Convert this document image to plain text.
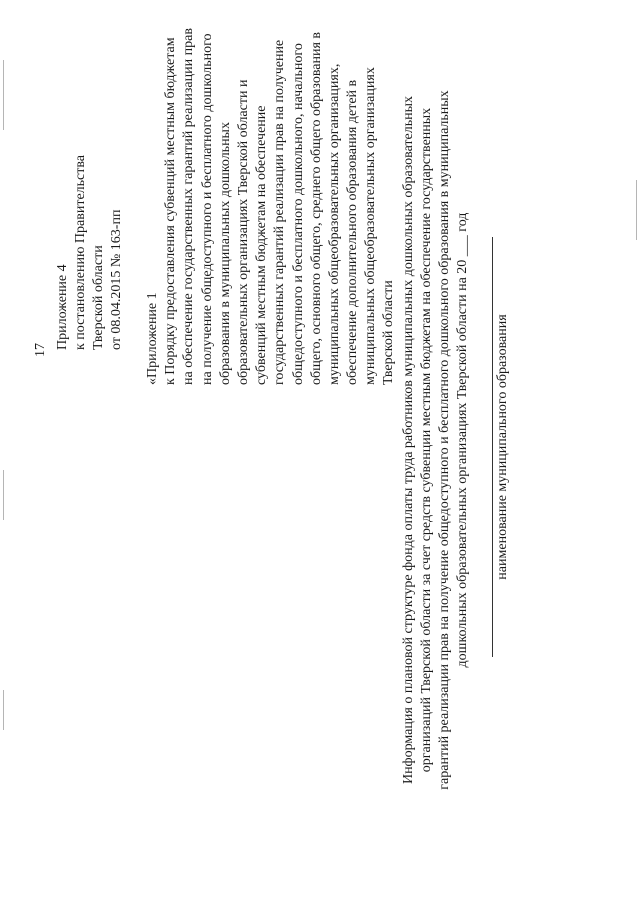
17 Приложение 4 к постановлению Правительства Тверской области от 08.04.2015 № 163-пп «Приложение 1 к Порядку предоставления субвенций местным бюджетам на обеспечение государственных гарантий реализации прав на получение общедоступного и бесплатного дошкольного образования в муниципальных дошкольных образовательных организациях Тверской области и субвенций местным бюджетам на обеспечение государственных гарантий реализации прав на получение общедоступного и бесплатного дошкольного, начального общего, основного общего, среднего общего образования в муниципальных общеобразовательных организациях, обеспечение дополнительного образования детей в муниципальных общеобразовательных организациях Тверской области Информация о плановой структуре фонда оплаты труда работников муниципальных дошкольных образовательных организаций Тверской области за счет средств субвенции местным бюджетам на обеспечение государственных гарантий реализации прав на получение общедоступного и бесплатного дошкольного образования в муниципальных дошкольных образовательных организациях Тверской области на 20 ___ год наименование муниципального образования
